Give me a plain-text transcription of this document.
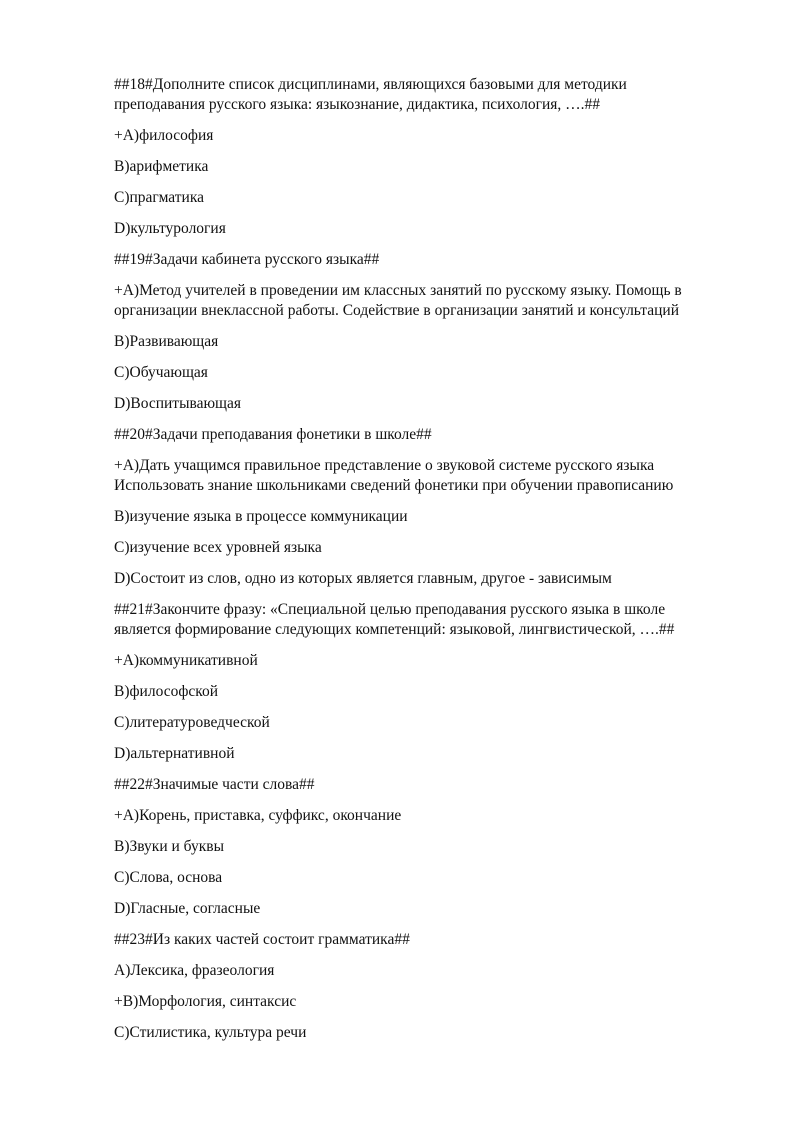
##18#Дополните список дисциплинами, являющихся базовыми для методики преподавания русского языка: языкознание, дидактика, психология, ….##

+A)философия

B)арифметика

C)прагматика

D)культурология

##19#Задачи кабинета русского языка##

+A)Метод учителей в проведении им классных занятий по русскому языку. Помощь в организации внеклассной работы. Содействие в организации занятий и консультаций

B)Развивающая

C)Обучающая

D)Воспитывающая

##20#Задачи преподавания фонетики в школе##

+A)Дать учащимся правильное представление о звуковой системе русского языка Использовать знание школьниками сведений фонетики при обучении правописанию

B)изучение языка в процессе коммуникации

C)изучение всех уровней языка

D)Состоит из слов, одно из которых является главным, другое - зависимым

##21#Закончите фразу: «Специальной целью преподавания русского языка в школе является формирование следующих компетенций: языковой, лингвистической, ….##

+A)коммуникативной

B)философской

C)литературоведческой

D)альтернативной

##22#Значимые части слова##

+A)Корень, приставка, суффикс, окончание

B)Звуки и буквы

C)Слова, основа

D)Гласные, согласные

##23#Из каких частей состоит грамматика##

A)Лексика, фразеология

+B)Морфология, синтаксис

C)Стилистика, культура речи
